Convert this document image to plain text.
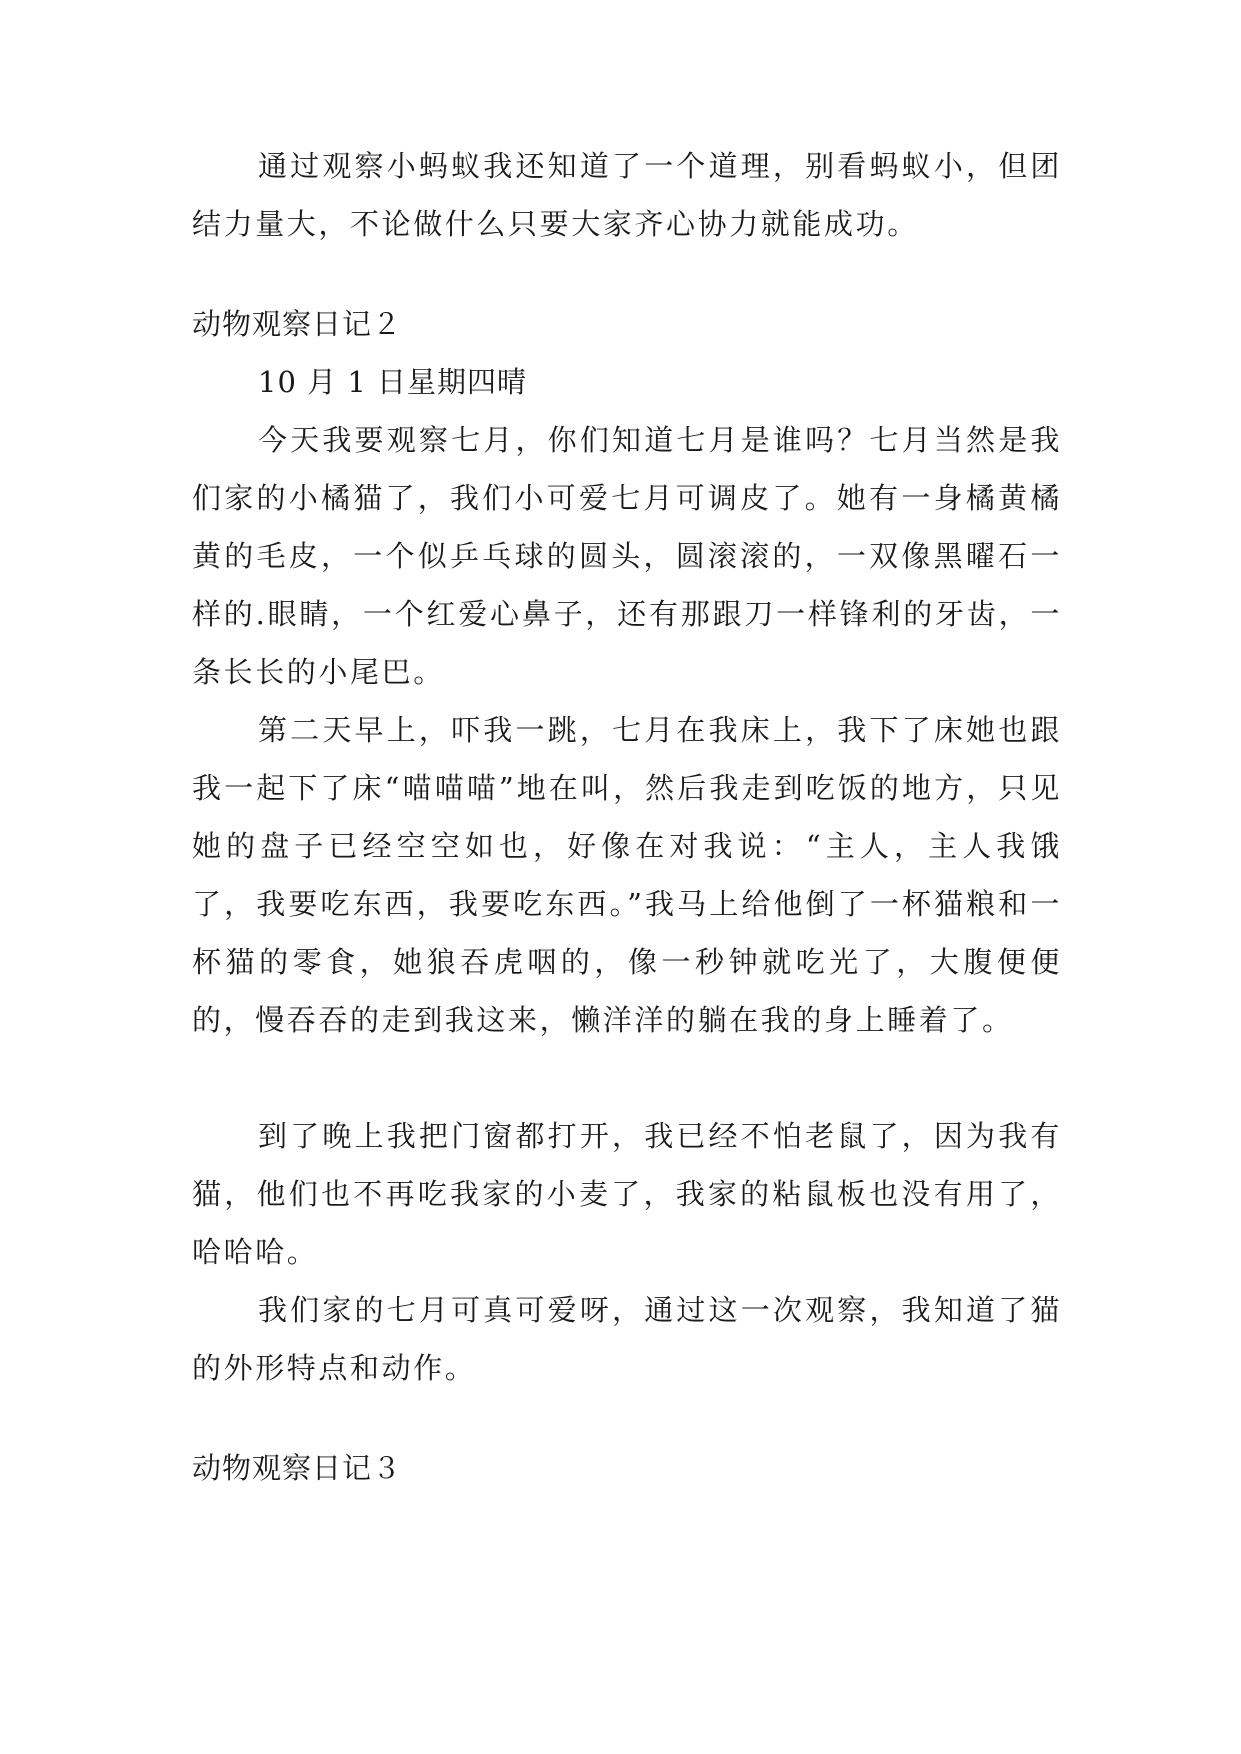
通过观察小蚂蚁我还知道了一个道理，别看蚂蚁小，但团结力量大，不论做什么只要大家齐心协力就能成功。

动物观察日记２

10 月 1 日星期四晴

今天我要观察七月，你们知道七月是谁吗？七月当然是我们家的小橘猫了，我们小可爱七月可调皮了。她有一身橘黄橘黄的毛皮，一个似乒乓球的圆头，圆滚滚的，一双像黑曜石一样的.眼睛，一个红爱心鼻子，还有那跟刀一样锋利的牙齿，一条长长的小尾巴。

第二天早上，吓我一跳，七月在我床上，我下了床她也跟我一起下了床“喵喵喵”地在叫，然后我走到吃饭的地方，只见她的盘子已经空空如也，好像在对我说：“主人，主人我饿了，我要吃东西，我要吃东西。”我马上给他倒了一杯猫粮和一杯猫的零食，她狼吞虎咽的，像一秒钟就吃光了，大腹便便的，慢吞吞的走到我这来，懒洋洋的躺在我的身上睡着了。

到了晚上我把门窗都打开，我已经不怕老鼠了，因为我有猫，他们也不再吃我家的小麦了，我家的粘鼠板也没有用了，哈哈哈。

我们家的七月可真可爱呀，通过这一次观察，我知道了猫的外形特点和动作。

动物观察日记３
